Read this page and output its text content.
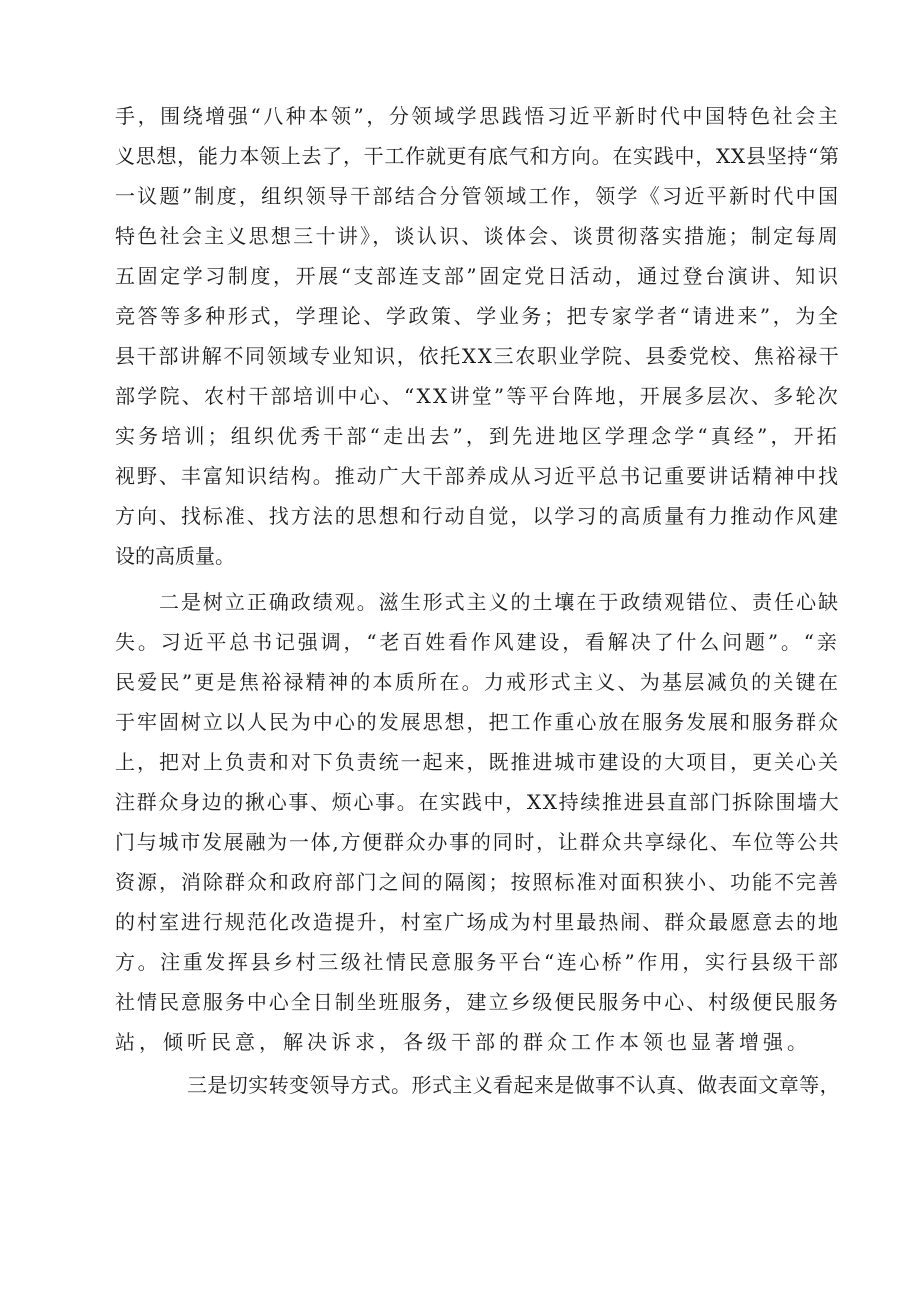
手，围绕增强“八种本领”，分领域学思践悟习近平新时代中国特色社会主
义思想，能力本领上去了，干工作就更有底气和方向。在实践中，XX县坚持“第
一议题”制度，组织领导干部结合分管领域工作，领学《习近平新时代中国
特色社会主义思想三十讲》，谈认识、谈体会、谈贯彻落实措施；制定每周
五固定学习制度，开展“支部连支部”固定党日活动，通过登台演讲、知识
竞答等多种形式，学理论、学政策、学业务；把专家学者“请进来”，为全
县干部讲解不同领域专业知识，依托XX三农职业学院、县委党校、焦裕禄干
部学院、农村干部培训中心、“XX讲堂”等平台阵地，开展多层次、多轮次
实务培训；组织优秀干部“走出去”，到先进地区学理念学“真经”，开拓
视野、丰富知识结构。推动广大干部养成从习近平总书记重要讲话精神中找
方向、找标准、找方法的思想和行动自觉，以学习的高质量有力推动作风建
设的高质量。
二是树立正确政绩观。滋生形式主义的土壤在于政绩观错位、责任心缺
失。习近平总书记强调，“老百姓看作风建设，看解决了什么问题”。“亲
民爱民”更是焦裕禄精神的本质所在。力戒形式主义、为基层减负的关键在
于牢固树立以人民为中心的发展思想，把工作重心放在服务发展和服务群众
上，把对上负责和对下负责统一起来，既推进城市建设的大项目，更关心关
注群众身边的揪心事、烦心事。在实践中，XX持续推进县直部门拆除围墙大
门与城市发展融为一体,方便群众办事的同时，让群众共享绿化、车位等公共
资源，消除群众和政府部门之间的隔阂；按照标准对面积狭小、功能不完善
的村室进行规范化改造提升，村室广场成为村里最热闹、群众最愿意去的地
方。注重发挥县乡村三级社情民意服务平台“连心桥”作用，实行县级干部
社情民意服务中心全日制坐班服务，建立乡级便民服务中心、村级便民服务
站，倾听民意，解决诉求，各级干部的群众工作本领也显著增强。
三是切实转变领导方式。形式主义看起来是做事不认真、做表面文章等，
